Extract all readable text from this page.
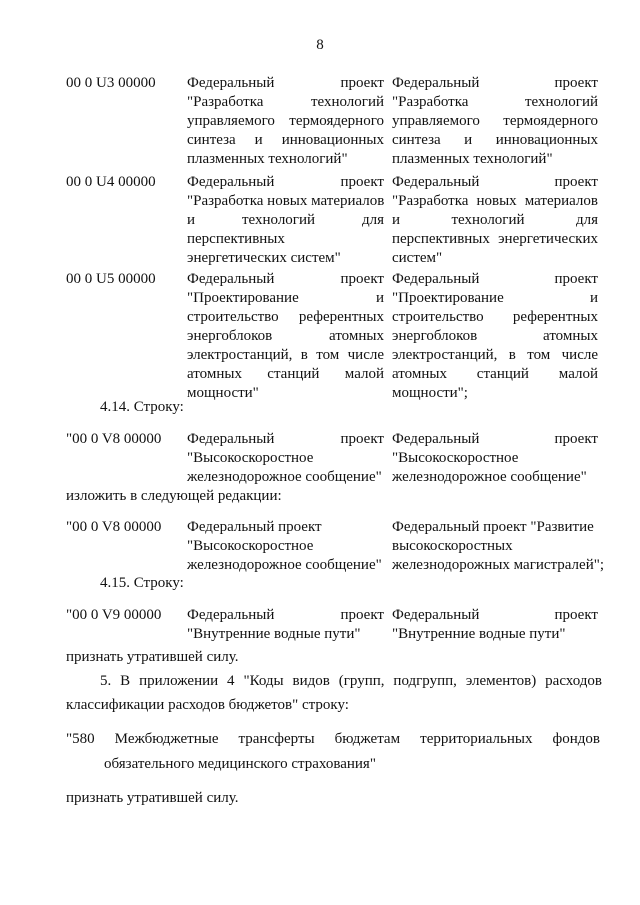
8
00 0 U3 00000 Федеральный проект
"Разработка технологий
управляемого термоядерного
синтеза и инновационных
плазменных технологий"
Федеральный проект
"Разработка технологий
управляемого термоядерного
синтеза и инновационных
плазменных технологий"
00 0 U4 00000 Федеральный проект
"Разработка новых материалов
и технологий для
перспективных
энергетических систем"
Федеральный проект
"Разработка новых материалов
и технологий для
перспективных энергетических
систем"
00 0 U5 00000 Федеральный проект
"Проектирование и
строительство референтных
энергоблоков атомных
электростанций, в том числе
атомных станций малой
мощности"
Федеральный проект
"Проектирование и
строительство референтных
энергоблоков атомных
электростанций, в том числе
атомных станций малой
мощности";
4.14. Строку:
"00 0 V8 00000 Федеральный проект
"Высокоскоростное
железнодорожное сообщение"
Федеральный проект
"Высокоскоростное
железнодорожное сообщение"
изложить в следующей редакции:
"00 0 V8 00000 Федеральный проект
"Высокоскоростное
железнодорожное сообщение"
Федеральный проект "Развитие
высокоскоростных
железнодорожных магистралей";
4.15. Строку:
"00 0 V9 00000 Федеральный проект
"Внутренние водные пути"
Федеральный проект
"Внутренние водные пути"
признать утратившей силу.
5. В приложении 4 "Коды видов (групп, подгрупп, элементов) расходов
классификации расходов бюджетов" строку:
"580 Межбюджетные трансферты бюджетам территориальных фондов
обязательного медицинского страхования"
признать утратившей силу.
